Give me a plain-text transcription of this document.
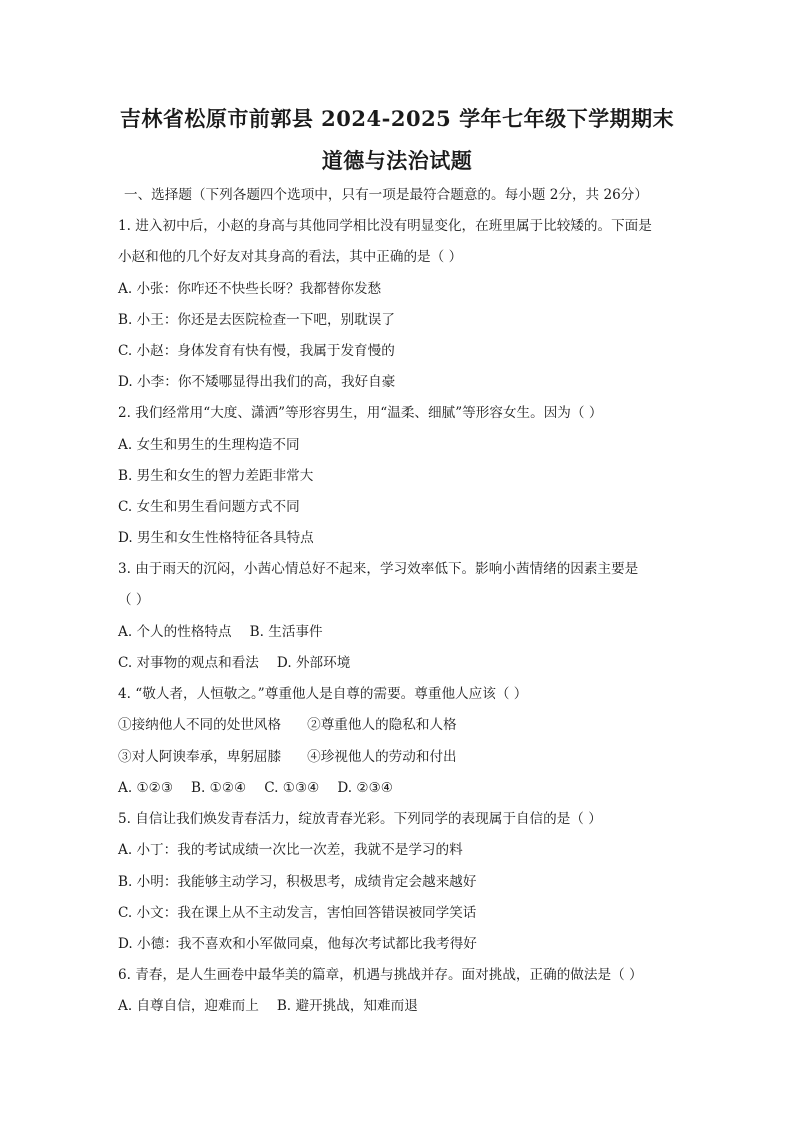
吉林省松原市前郭县 2024-2025 学年七年级下学期期末
道德与法治试题
一、选择题（下列各题四个选项中，只有一项是最符合题意的。每小题 2分，共 26分）
1. 进入初中后，小赵的身高与其他同学相比没有明显变化，在班里属于比较矮的。下面是
小赵和他的几个好友对其身高的看法，其中正确的是（ ）
A. 小张：你咋还不快些长呀？我都替你发愁
B. 小王：你还是去医院检查一下吧，别耽误了
C. 小赵：身体发育有快有慢，我属于发育慢的
D. 小李：你不矮哪显得出我们的高，我好自豪
2. 我们经常用“大度、潇洒”等形容男生，用“温柔、细腻”等形容女生。因为（ ）
A. 女生和男生的生理构造不同
B. 男生和女生的智力差距非常大
C. 女生和男生看问题方式不同
D. 男生和女生性格特征各具特点
3. 由于雨天的沉闷，小茜心情总好不起来，学习效率低下。影响小茜情绪的因素主要是
（ ）
A. 个人的性格特点 B. 生活事件
C. 对事物的观点和看法 D. 外部环境
4. “敬人者，人恒敬之。”尊重他人是自尊的需要。尊重他人应该（ ）
①接纳他人不同的处世风格 ②尊重他人的隐私和人格
③对人阿谀奉承，卑躬屈膝 ④珍视他人的劳动和付出
A. ①②③ B. ①②④ C. ①③④ D. ②③④
5. 自信让我们焕发青春活力，绽放青春光彩。下列同学的表现属于自信的是（ ）
A. 小丁：我的考试成绩一次比一次差，我就不是学习的料
B. 小明：我能够主动学习，积极思考，成绩肯定会越来越好
C. 小文：我在课上从不主动发言，害怕回答错误被同学笑话
D. 小德：我不喜欢和小军做同桌，他每次考试都比我考得好
6. 青春，是人生画卷中最华美的篇章，机遇与挑战并存。面对挑战，正确的做法是（ ）
A. 自尊自信，迎难而上 B. 避开挑战，知难而退
